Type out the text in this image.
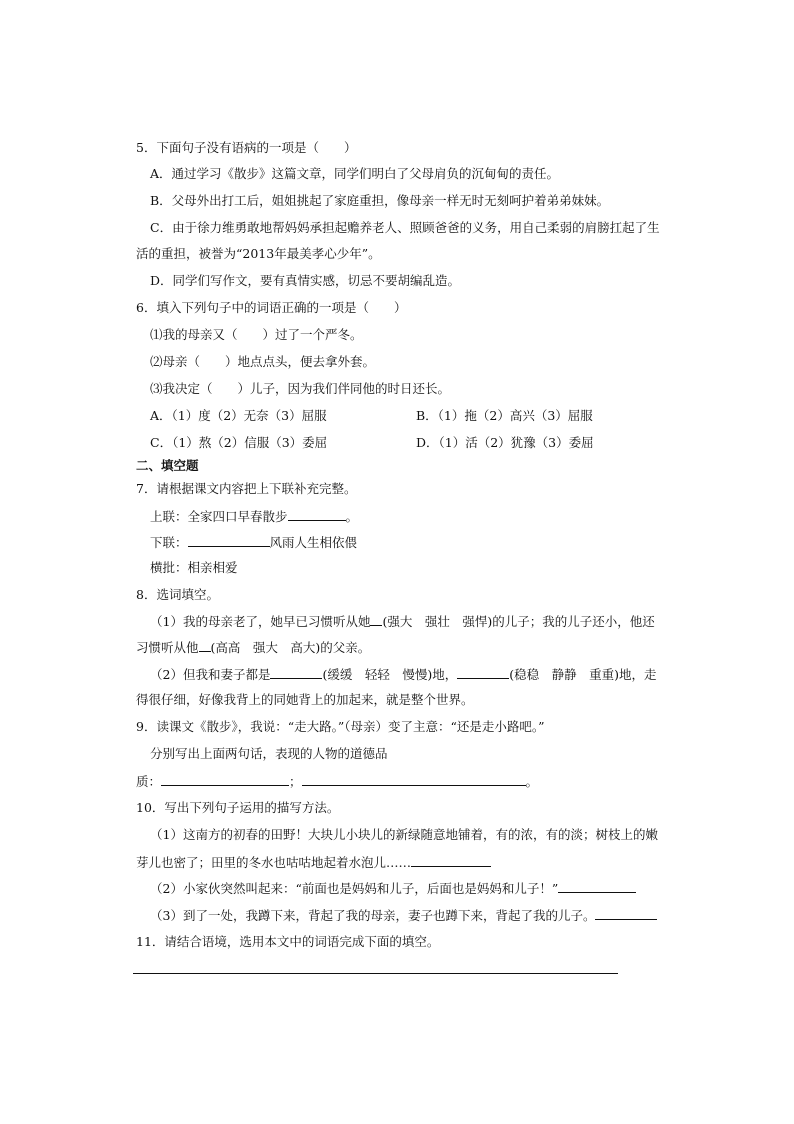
5．下面句子没有语病的一项是（　　）
A．通过学习《散步》这篇文章，同学们明白了父母肩负的沉甸甸的责任。
B．父母外出打工后，姐姐挑起了家庭重担，像母亲一样无时无刻呵护着弟弟妹妹。
C．由于徐力维勇敢地帮妈妈承担起赡养老人、照顾爸爸的义务，用自己柔弱的肩膀扛起了生
活的重担，被誉为“2013年最美孝心少年”。
D．同学们写作文，要有真情实感，切忌不要胡编乱造。
6．填入下列句子中的词语正确的一项是（　　）
⑴我的母亲又（　　）过了一个严冬。
⑵母亲（　　）地点点头，便去拿外套。
⑶我决定（　　）儿子，因为我们伴同他的时日还长。
A．（1）度（2）无奈（3）屈服	B．（1）拖（2）高兴（3）屈服
C．（1）熬（2）信服（3）委屈	D．（1）活（2）犹豫（3）委屈
二、填空题
7．请根据课文内容把上下联补充完整。
上联：全家四口早春散步	。
下联：	风雨人生相依偎
横批：相亲相爱
8．选词填空。
（1）我的母亲老了，她早已习惯听从她 (强大　强壮　强悍)的儿子；我的儿子还小，他还
习惯听从他 (高高　强大　高大)的父亲。
（2）但我和妻子都是	(缓缓　轻轻　慢慢)地，	(稳稳　静静　重重)地，走
得很仔细，好像我背上的同她背上的加起来，就是整个世界。
9．读课文《散步》，我说：“走大路。”（母亲）变了主意：“还是走小路吧。”
分别写出上面两句话，表现的人物的道德品
质：	；	。
10．写出下列句子运用的描写方法。
（1）这南方的初春的田野！大块儿小块儿的新绿随意地铺着，有的浓，有的淡；树枝上的嫩
芽儿也密了；田里的冬水也咕咕地起着水泡儿……
（2）小家伙突然叫起来：“前面也是妈妈和儿子，后面也是妈妈和儿子！”
（3）到了一处，我蹲下来，背起了我的母亲，妻子也蹲下来，背起了我的儿子。
11．请结合语境，选用本文中的词语完成下面的填空。
